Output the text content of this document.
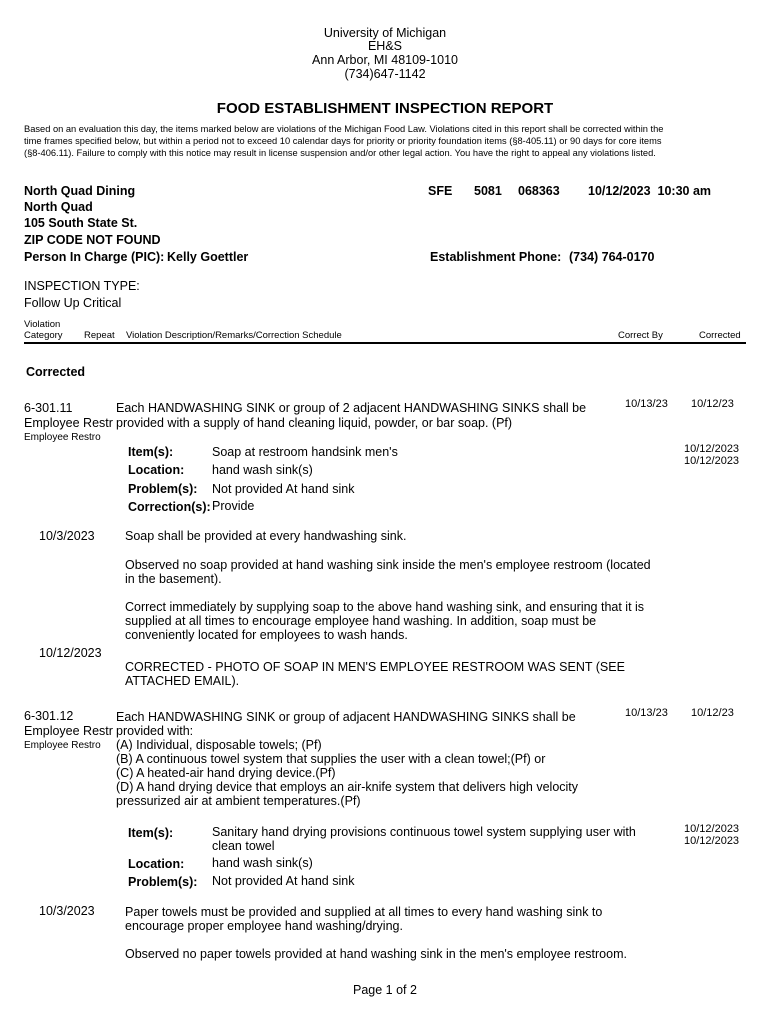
University of Michigan
EH&S
Ann Arbor, MI 48109-1010
(734)647-1142
FOOD ESTABLISHMENT INSPECTION REPORT
Based on an evaluation this day, the items marked below are violations of the Michigan Food Law. Violations cited in this report shall be corrected within the
time frames specified below, but within a period not to exceed 10 calendar days for priority or priority foundation items (§8-405.11) or 90 days for core items
(§8-406.11). Failure to comply with this notice may result in license suspension and/or other legal action. You have the right to appeal any violations listed.
North Quad Dining
North Quad
105 South State St.
ZIP CODE NOT FOUND
Person In Charge (PIC): Kelly Goettler
SFE 5081 068363 10/12/2023  10:30 am
Establishment Phone: (734) 764-0170
INSPECTION TYPE:
Follow Up Critical
Violation
Category Repeat Violation Description/Remarks/Correction Schedule	Correct By	Corrected
Corrected
6-301.11
Employee Restr
Employee Restro
Each HANDWASHING SINK or group of 2 adjacent HANDWASHING SINKS shall be
provided with a supply of hand cleaning liquid, powder, or bar soap. (Pf)
10/13/23 10/12/23
Item(s):	Soap at restroom handsink men's
Location: hand wash sink(s)
Problem(s): Not provided At hand sink
Correction(s): Provide
10/12/2023
10/12/2023
10/3/2023 Soap shall be provided at every handwashing sink.
Observed no soap provided at hand washing sink inside the men's employee restroom (located
in the basement).
Correct immediately by supplying soap to the above hand washing sink, and ensuring that it is
supplied at all times to encourage employee hand washing. In addition, soap must be
conveniently located for employees to wash hands.
10/12/2023
CORRECTED - PHOTO OF SOAP IN MEN'S EMPLOYEE RESTROOM WAS SENT (SEE
ATTACHED EMAIL).
6-301.12
Employee Restr
Employee Restro
Each HANDWASHING SINK or group of adjacent HANDWASHING SINKS shall be
provided with:
(A) Individual, disposable towels; (Pf)
(B) A continuous towel system that supplies the user with a clean towel;(Pf) or
(C) A heated-air hand drying device.(Pf)
(D) A hand drying device that employs an air-knife system that delivers high velocity
pressurized air at ambient temperatures.(Pf)
10/13/23 10/12/23
Item(s):	Sanitary hand drying provisions continuous towel system supplying user with
clean towel
Location: hand wash sink(s)
Problem(s): Not provided At hand sink
10/12/2023
10/12/2023
10/3/2023 Paper towels must be provided and supplied at all times to every hand washing sink to
encourage proper employee hand washing/drying.
Observed no paper towels provided at hand washing sink in the men's employee restroom.
Page 1 of 2
